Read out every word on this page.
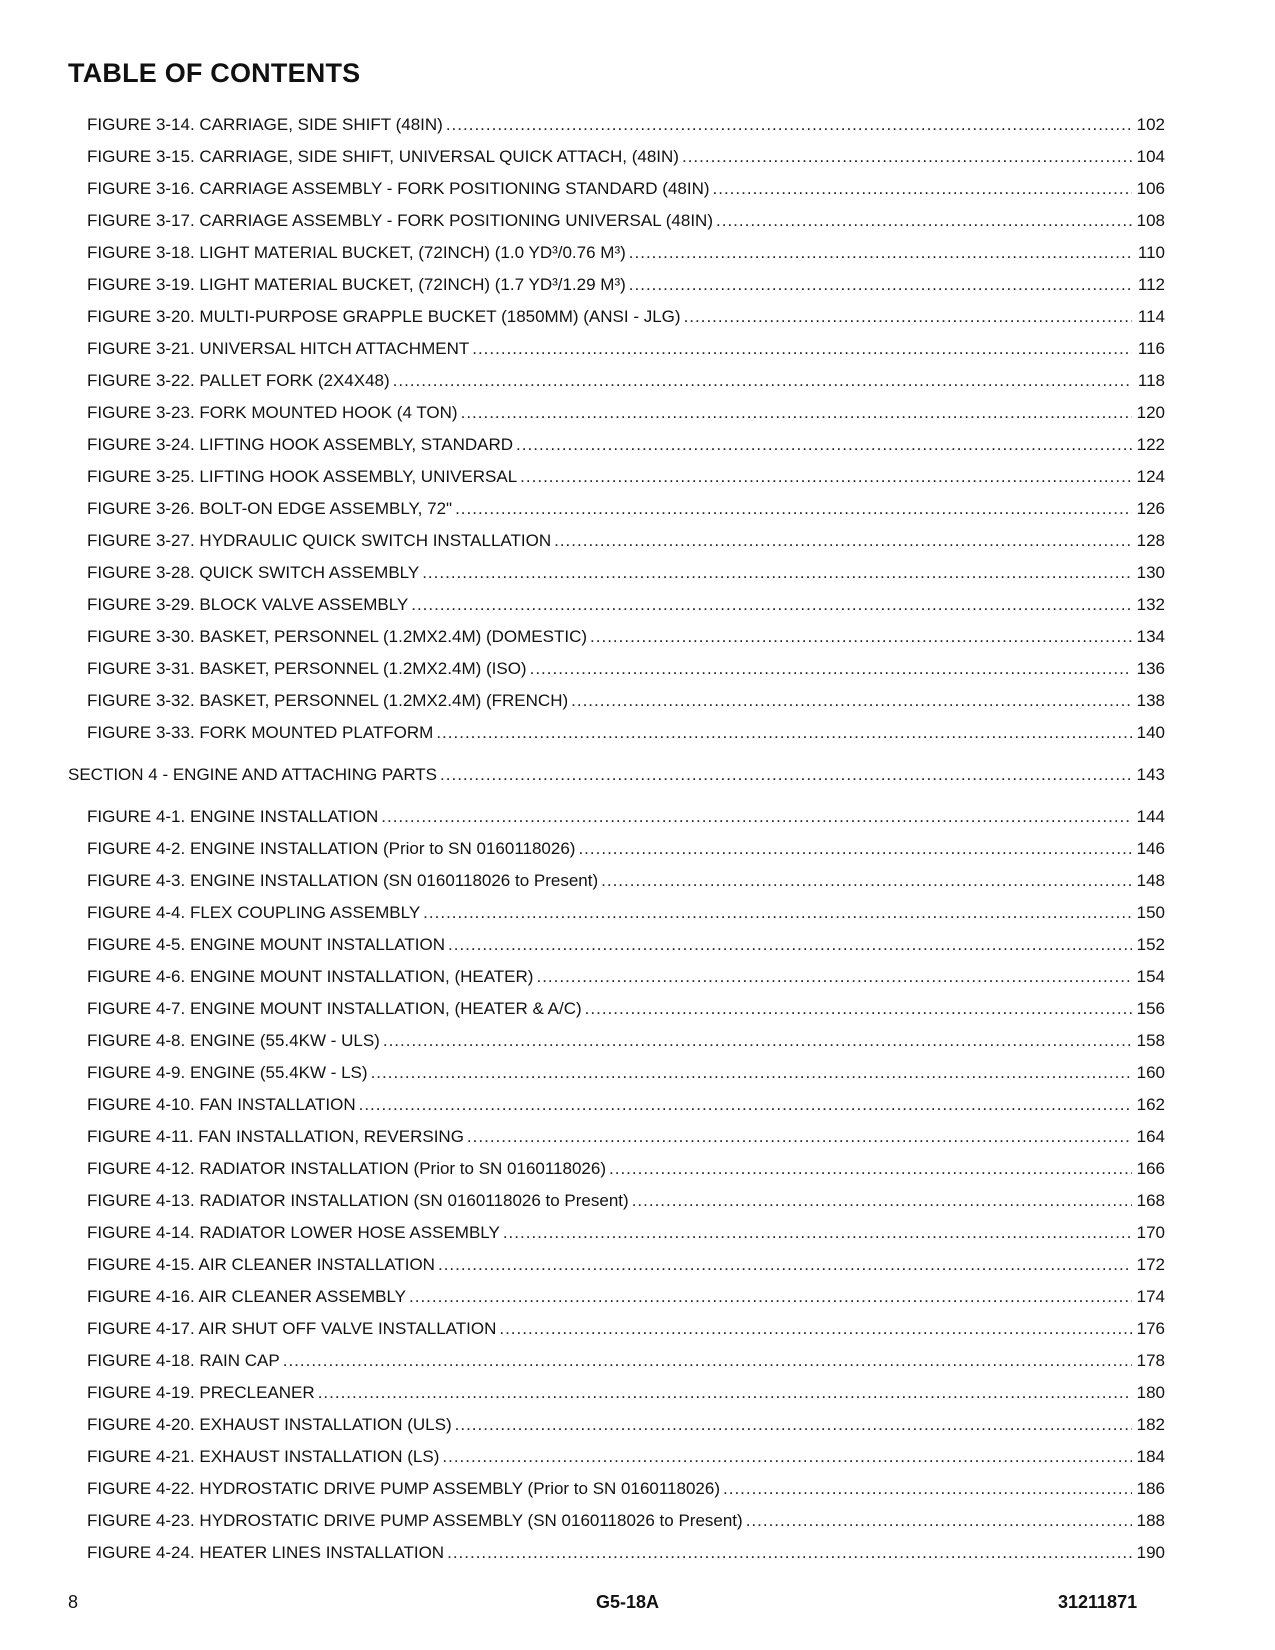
TABLE OF CONTENTS
FIGURE 3-14. CARRIAGE, SIDE SHIFT (48IN) .....	102
FIGURE 3-15. CARRIAGE, SIDE SHIFT, UNIVERSAL QUICK ATTACH, (48IN) .....	104
FIGURE 3-16. CARRIAGE ASSEMBLY - FORK POSITIONING STANDARD (48IN) .....	106
FIGURE 3-17. CARRIAGE ASSEMBLY - FORK POSITIONING UNIVERSAL (48IN) .....	108
FIGURE 3-18. LIGHT MATERIAL BUCKET, (72INCH) (1.0 YD³/0.76 M³) .....	110
FIGURE 3-19. LIGHT MATERIAL BUCKET, (72INCH) (1.7 YD³/1.29 M³) .....	112
FIGURE 3-20. MULTI-PURPOSE GRAPPLE BUCKET (1850MM) (ANSI - JLG) .....	114
FIGURE 3-21. UNIVERSAL HITCH ATTACHMENT .....	116
FIGURE 3-22. PALLET FORK (2X4X48) .....	118
FIGURE 3-23. FORK MOUNTED HOOK (4 TON) .....	120
FIGURE 3-24. LIFTING HOOK ASSEMBLY, STANDARD .....	122
FIGURE 3-25. LIFTING HOOK ASSEMBLY, UNIVERSAL .....	124
FIGURE 3-26. BOLT-ON EDGE ASSEMBLY, 72" .....	126
FIGURE 3-27. HYDRAULIC QUICK SWITCH INSTALLATION .....	128
FIGURE 3-28. QUICK SWITCH ASSEMBLY .....	130
FIGURE 3-29. BLOCK VALVE ASSEMBLY .....	132
FIGURE 3-30. BASKET, PERSONNEL (1.2MX2.4M) (DOMESTIC) .....	134
FIGURE 3-31. BASKET, PERSONNEL (1.2MX2.4M) (ISO) .....	136
FIGURE 3-32. BASKET, PERSONNEL (1.2MX2.4M) (FRENCH) .....	138
FIGURE 3-33. FORK MOUNTED PLATFORM .....	140
SECTION 4 - ENGINE AND ATTACHING PARTS .....	143
FIGURE 4-1. ENGINE INSTALLATION .....	144
FIGURE 4-2. ENGINE INSTALLATION (Prior to SN 0160118026) .....	146
FIGURE 4-3. ENGINE INSTALLATION (SN 0160118026 to Present) .....	148
FIGURE 4-4. FLEX COUPLING ASSEMBLY .....	150
FIGURE 4-5. ENGINE MOUNT INSTALLATION .....	152
FIGURE 4-6. ENGINE MOUNT INSTALLATION, (HEATER) .....	154
FIGURE 4-7. ENGINE MOUNT INSTALLATION, (HEATER & A/C) .....	156
FIGURE 4-8. ENGINE (55.4KW - ULS) .....	158
FIGURE 4-9. ENGINE (55.4KW - LS) .....	160
FIGURE 4-10. FAN INSTALLATION .....	162
FIGURE 4-11. FAN INSTALLATION, REVERSING .....	164
FIGURE 4-12. RADIATOR INSTALLATION (Prior to SN 0160118026) .....	166
FIGURE 4-13. RADIATOR INSTALLATION (SN 0160118026 to Present) .....	168
FIGURE 4-14. RADIATOR LOWER HOSE ASSEMBLY .....	170
FIGURE 4-15. AIR CLEANER INSTALLATION .....	172
FIGURE 4-16. AIR CLEANER ASSEMBLY .....	174
FIGURE 4-17. AIR SHUT OFF VALVE INSTALLATION .....	176
FIGURE 4-18. RAIN CAP .....	178
FIGURE 4-19. PRECLEANER .....	180
FIGURE 4-20. EXHAUST INSTALLATION (ULS) .....	182
FIGURE 4-21. EXHAUST INSTALLATION (LS) .....	184
FIGURE 4-22. HYDROSTATIC DRIVE PUMP ASSEMBLY (Prior to SN 0160118026) .....	186
FIGURE 4-23. HYDROSTATIC DRIVE PUMP ASSEMBLY (SN 0160118026 to Present) .....	188
FIGURE 4-24. HEATER LINES INSTALLATION .....	190
8	G5-18A	31211871
